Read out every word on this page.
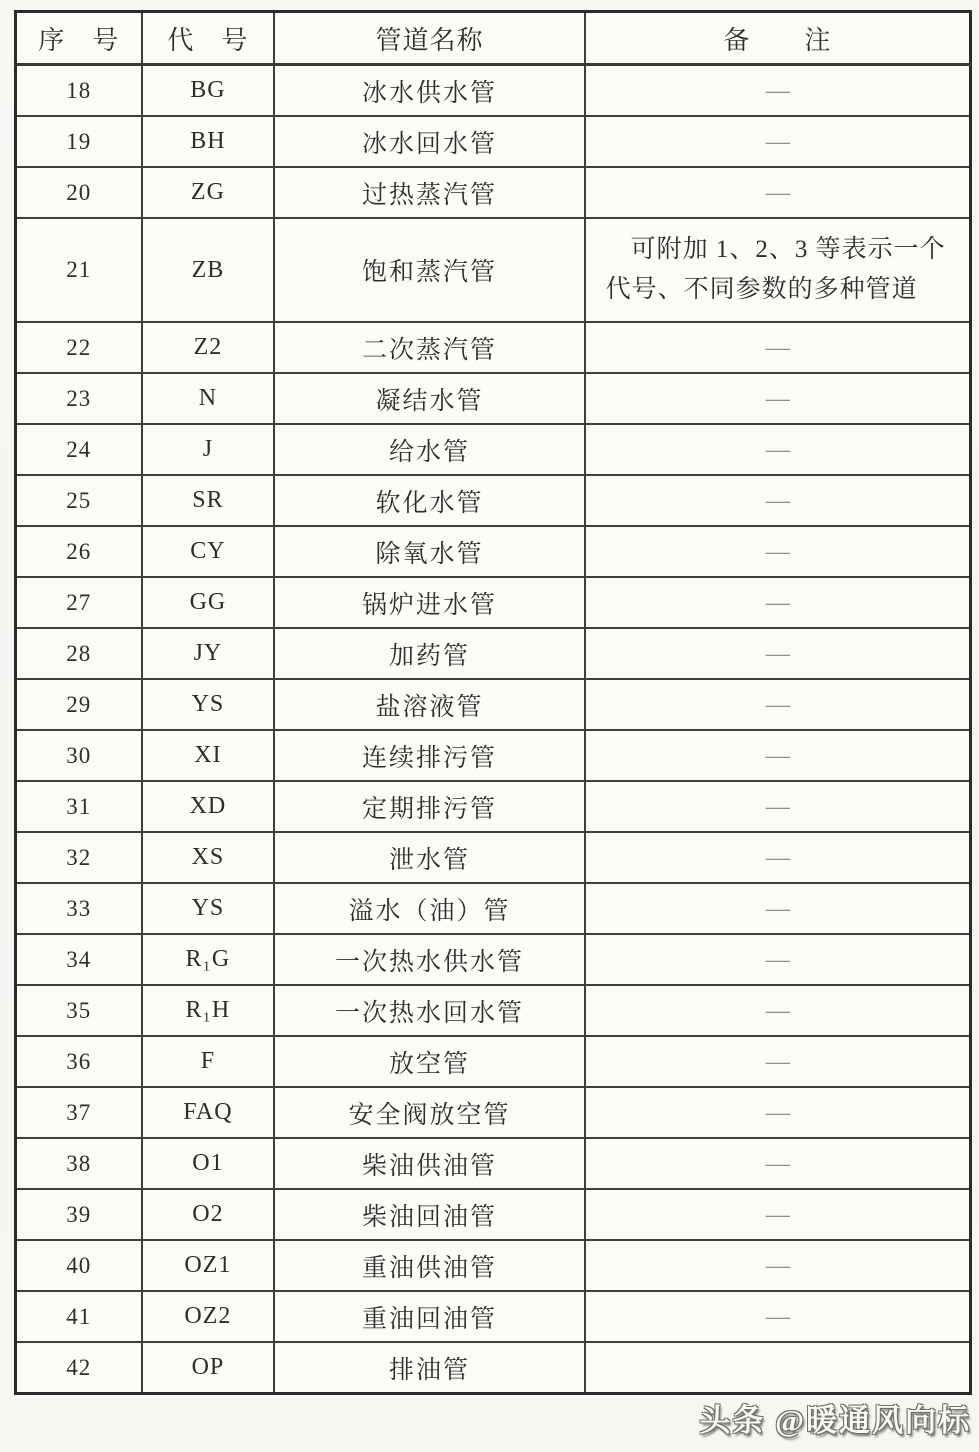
序　号	代　号	管道名称	备　　注
18	BG	冰水供水管	—
19	BH	冰水回水管	—
20	ZG	过热蒸汽管	—
21	ZB	饱和蒸汽管	可附加 1、2、3 等表示一个
代号、不同参数的多种管道

22	Z2	二次蒸汽管	—
23	N	凝结水管	—
24	J	给水管	—
25	SR	软化水管	—
26	CY	除氧水管	—
27	GG	锅炉进水管	—
28	JY	加药管	—
29	YS	盐溶液管	—
30	XI	连续排污管	—
31	XD	定期排污管	—
32	XS	泄水管	—
33	YS	溢水（油）管	—
34	R₁G	一次热水供水管	—
35	R₁H	一次热水回水管	—
36	F	放空管	—
37	FAQ	安全阀放空管	—
38	O1	柴油供油管	—
39	O2	柴油回油管	—
40	OZ1	重油供油管	—
41	OZ2	重油回油管	—
42	OP	排油管	
头条 @暖通风向标
